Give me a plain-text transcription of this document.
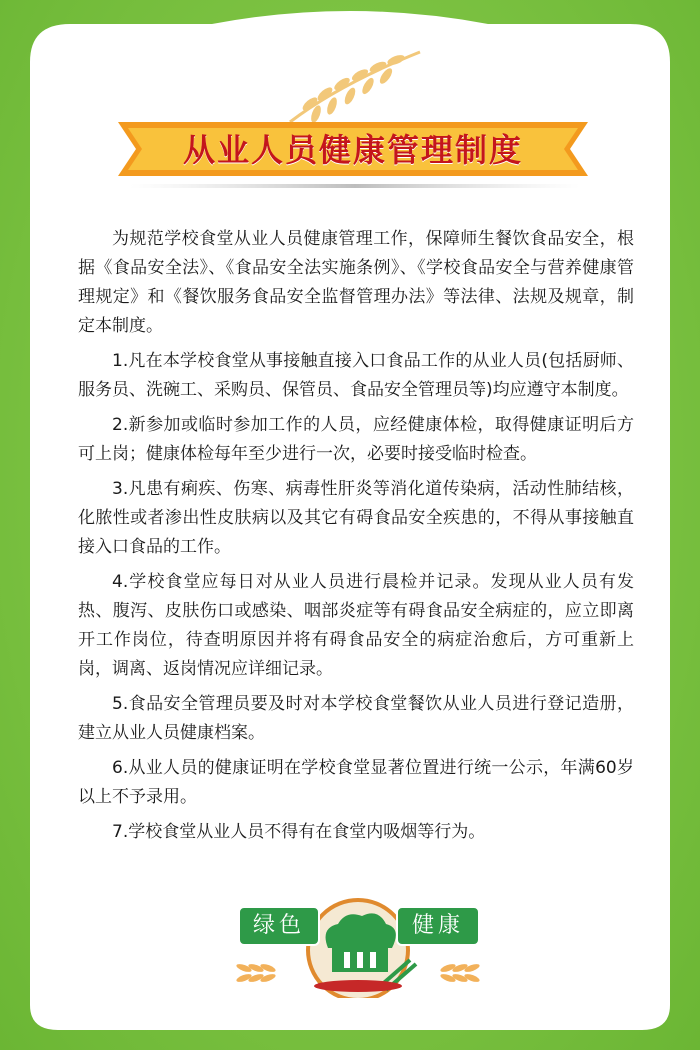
从业人员健康管理制度

为规范学校食堂从业人员健康管理工作，保障师生餐饮食品安全，根据《食品安全法》、《食品安全法实施条例》、《学校食品安全与营养健康管理规定》和《餐饮服务食品安全监督管理办法》等法律、法规及规章，制定本制度。

1.凡在本学校食堂从事接触直接入口食品工作的从业人员(包括厨师、服务员、洗碗工、采购员、保管员、食品安全管理员等)均应遵守本制度。

2.新参加或临时参加工作的人员，应经健康体检，取得健康证明后方可上岗；健康体检每年至少进行一次，必要时接受临时检查。

3.凡患有痢疾、伤寒、病毒性肝炎等消化道传染病，活动性肺结核，化脓性或者渗出性皮肤病以及其它有碍食品安全疾患的，不得从事接触直接入口食品的工作。

4.学校食堂应每日对从业人员进行晨检并记录。发现从业人员有发热、腹泻、皮肤伤口或感染、咽部炎症等有碍食品安全病症的，应立即离开工作岗位，待查明原因并将有碍食品安全的病症治愈后，方可重新上岗，调离、返岗情况应详细记录。

5.食品安全管理员要及时对本学校食堂餐饮从业人员进行登记造册，建立从业人员健康档案。

6.从业人员的健康证明在学校食堂显著位置进行统一公示，年满60岁以上不予录用。

7.学校食堂从业人员不得有在食堂内吸烟等行为。

绿色	健康
